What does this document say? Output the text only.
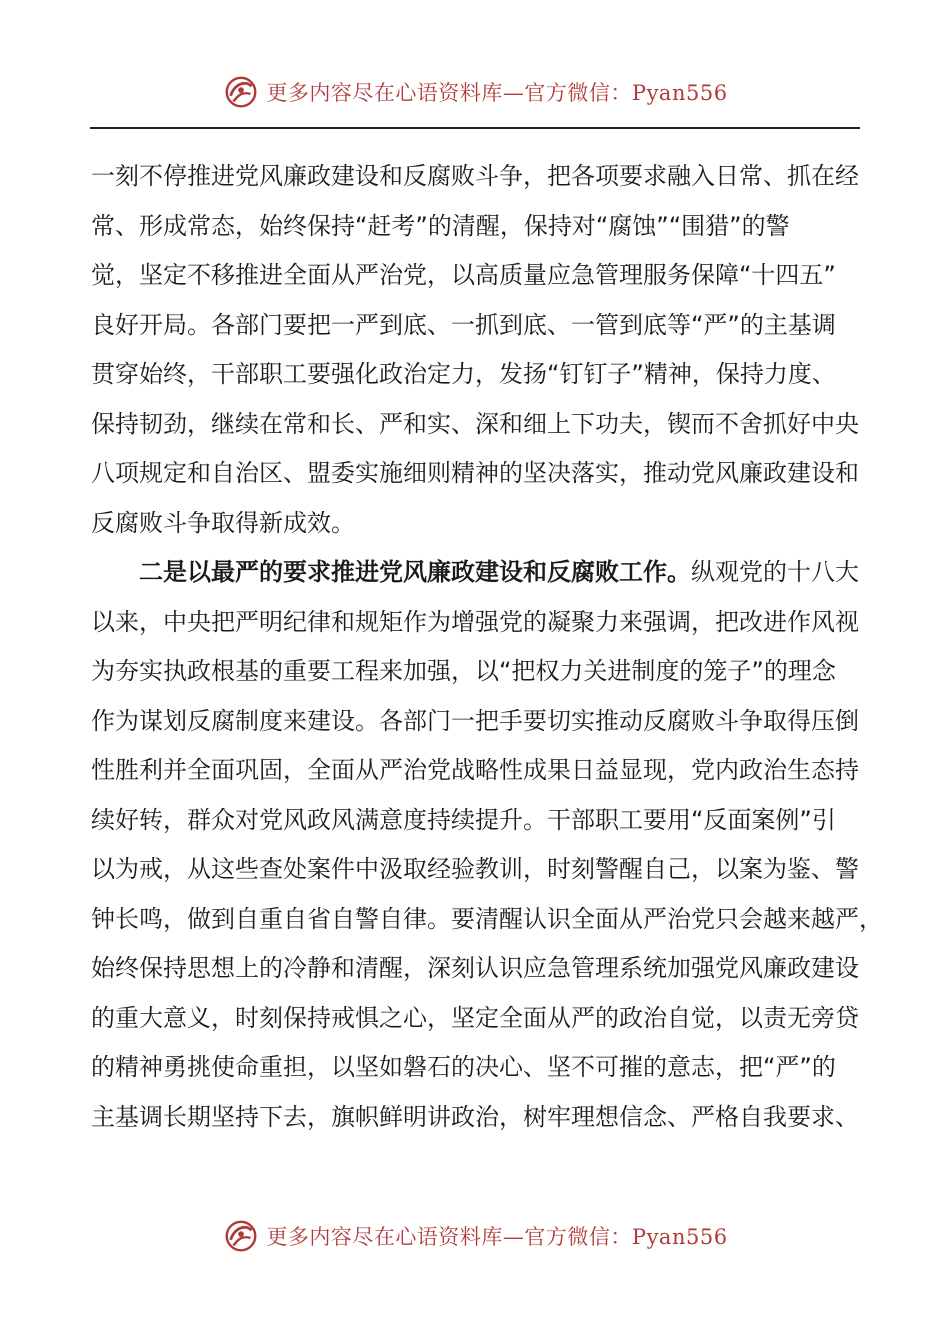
更多内容尽在心语资料库—官方微信：Pyan556
一刻不停推进党风廉政建设和反腐败斗争，把各项要求融入日常、抓在经
常、形成常态，始终保持“赶考”的清醒，保持对“腐蚀”“围猎”的警
觉，坚定不移推进全面从严治党，以高质量应急管理服务保障“十四五”
良好开局。各部门要把一严到底、一抓到底、一管到底等“严”的主基调
贯穿始终，干部职工要强化政治定力，发扬“钉钉子”精神，保持力度、
保持韧劲，继续在常和长、严和实、深和细上下功夫，锲而不舍抓好中央
八项规定和自治区、盟委实施细则精神的坚决落实，推动党风廉政建设和
反腐败斗争取得新成效。
二是以最严的要求推进党风廉政建设和反腐败工作。纵观党的十八大
以来，中央把严明纪律和规矩作为增强党的凝聚力来强调，把改进作风视
为夯实执政根基的重要工程来加强，以“把权力关进制度的笼子”的理念
作为谋划反腐制度来建设。各部门一把手要切实推动反腐败斗争取得压倒
性胜利并全面巩固，全面从严治党战略性成果日益显现，党内政治生态持
续好转，群众对党风政风满意度持续提升。干部职工要用“反面案例”引
以为戒，从这些查处案件中汲取经验教训，时刻警醒自己，以案为鉴、警
钟长鸣，做到自重自省自警自律。要清醒认识全面从严治党只会越来越严，
始终保持思想上的冷静和清醒，深刻认识应急管理系统加强党风廉政建设
的重大意义，时刻保持戒惧之心，坚定全面从严的政治自觉，以责无旁贷
的精神勇挑使命重担，以坚如磐石的决心、坚不可摧的意志，把“严”的
主基调长期坚持下去，旗帜鲜明讲政治，树牢理想信念、严格自我要求、
更多内容尽在心语资料库—官方微信：Pyan556
